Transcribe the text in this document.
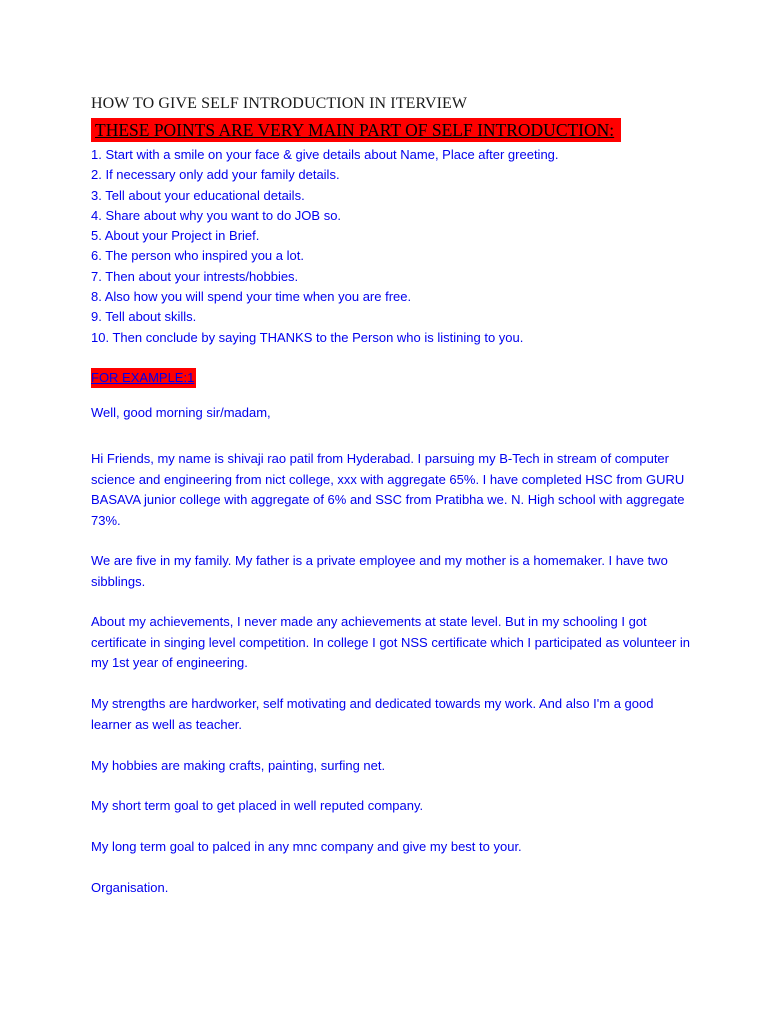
HOW TO GIVE SELF INTRODUCTION IN ITERVIEW
THESE POINTS ARE VERY MAIN PART OF SELF INTRODUCTION:
1. Start with a smile on your face & give details about Name, Place after greeting.
2. If necessary only add your family details.
3. Tell about your educational details.
4. Share about why you want to do JOB so.
5. About your Project in Brief.
6. The person who inspired you a lot.
7. Then about your intrests/hobbies.
8. Also how you will spend your time when you are free.
9. Tell about skills.
10. Then conclude by saying THANKS to the Person who is listining to you.
FOR EXAMPLE:1

Well, good morning sir/madam,

Hi Friends, my name is shivaji rao patil from Hyderabad. I parsuing my B-Tech in stream of computer science and engineering from nict college, xxx with aggregate 65%. I have completed HSC from GURU BASAVA junior college with aggregate of 6% and SSC from Pratibha we. N. High school with aggregate 73%.

We are five in my family. My father is a private employee and my mother is a homemaker. I have two sibblings.

About my achievements, I never made any achievements at state level. But in my schooling I got certificate in singing level competition. In college I got NSS certificate which I participated as volunteer in my 1st year of engineering.

My strengths are hardworker, self motivating and dedicated towards my work. And also I'm a good learner as well as teacher.

My hobbies are making crafts, painting, surfing net.

My short term goal to get placed in well reputed company.

My long term goal to palced in any mnc company and give my best to your.

Organisation.
